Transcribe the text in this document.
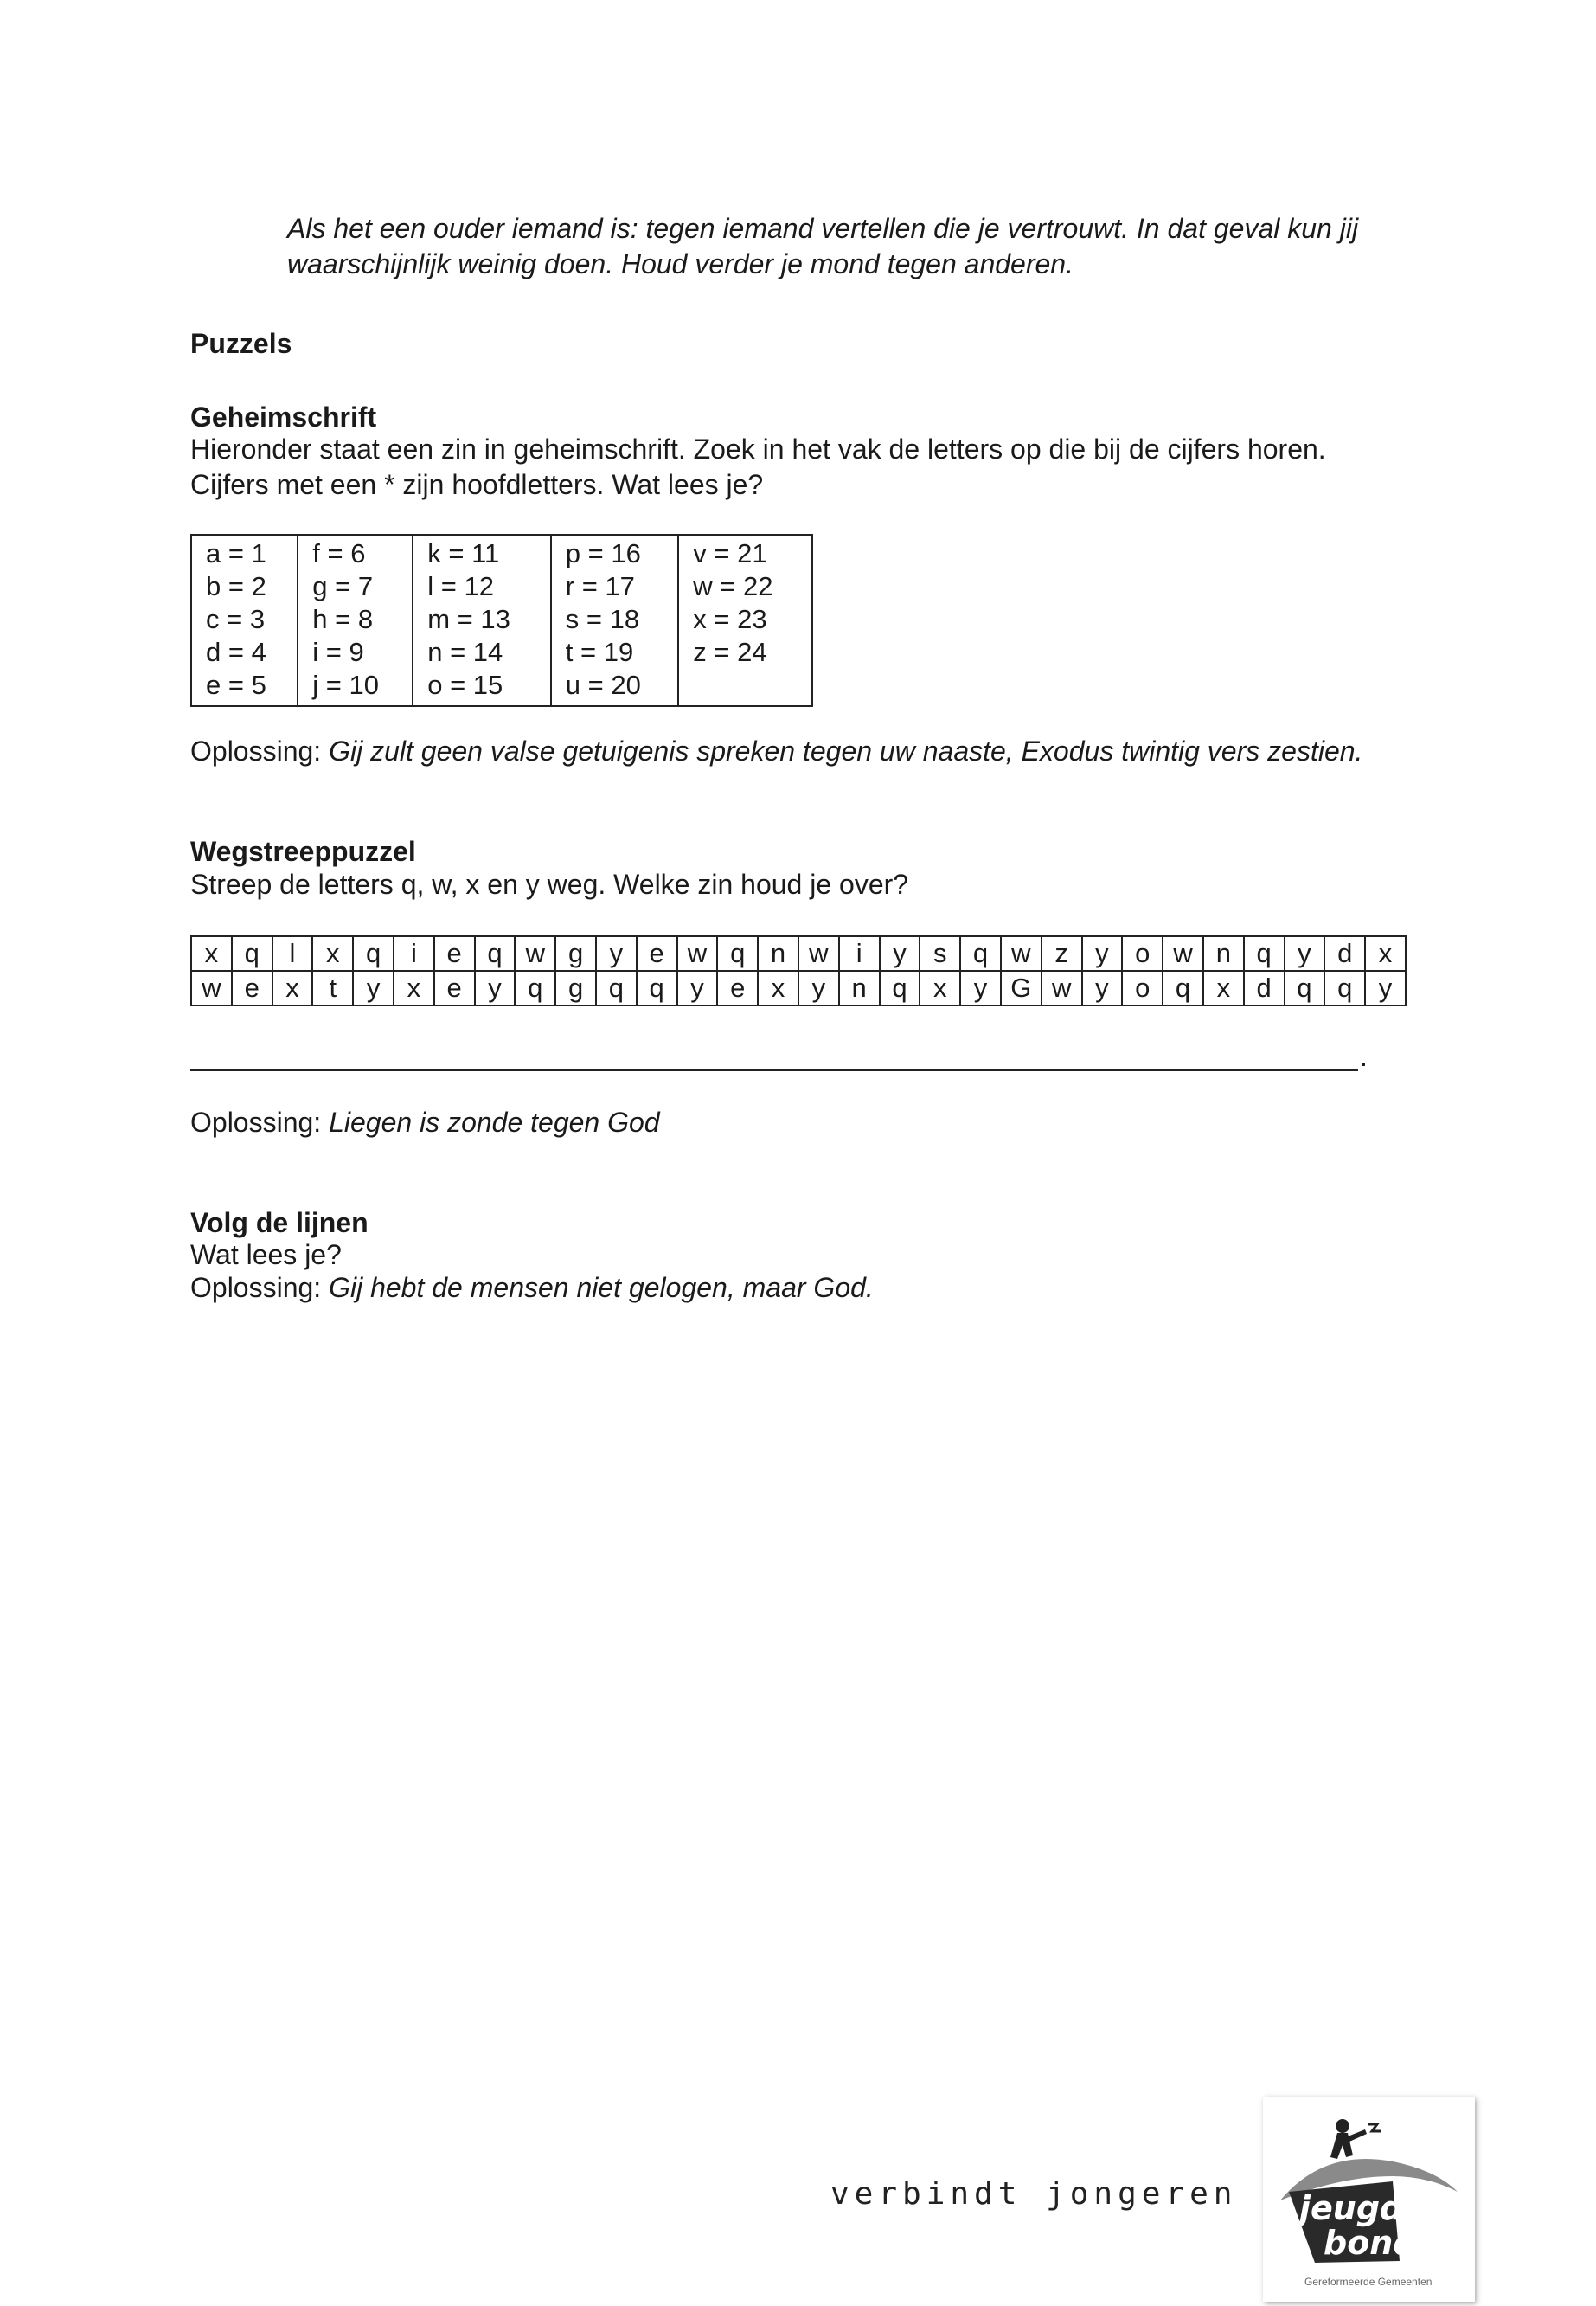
Als het een ouder iemand is: tegen iemand vertellen die je vertrouwt. In dat geval kun jij
waarschijnlijk weinig doen. Houd verder je mond tegen anderen.
Puzzels
Geheimschrift
Hieronder staat een zin in geheimschrift. Zoek in het vak de letters op die bij de cijfers horen.
Cijfers met een * zijn hoofdletters. Wat lees je?
a = 1	f = 6	k = 11	p = 16	v = 21
b = 2	g = 7	l = 12	r = 17	w = 22
c = 3	h = 8	m = 13	s = 18	x = 23
d = 4	i = 9	n = 14	t = 19	z = 24
e = 5	j = 10	o = 15	u = 20	
Oplossing: Gij zult geen valse getuigenis spreken tegen uw naaste, Exodus twintig vers zestien.
Wegstreeppuzzel
Streep de letters q, w, x en y weg. Welke zin houd je over?
x	q	l	x	q	i	e	q	w	g	y	e	w	q	n	w	i	y	s	q	w	z	y	o	w	n	q	y	d	x
w	e	x	t	y	x	e	y	q	g	q	q	y	e	x	y	n	q	x	y	G	w	y	o	q	x	d	q	q	y
.
Oplossing: Liegen is zonde tegen God
Volg de lijnen
Wat lees je?
Oplossing: Gij hebt de mensen niet gelogen, maar God.
verbindt jongeren jeugd
bond
Gereformeerde Gemeenten
